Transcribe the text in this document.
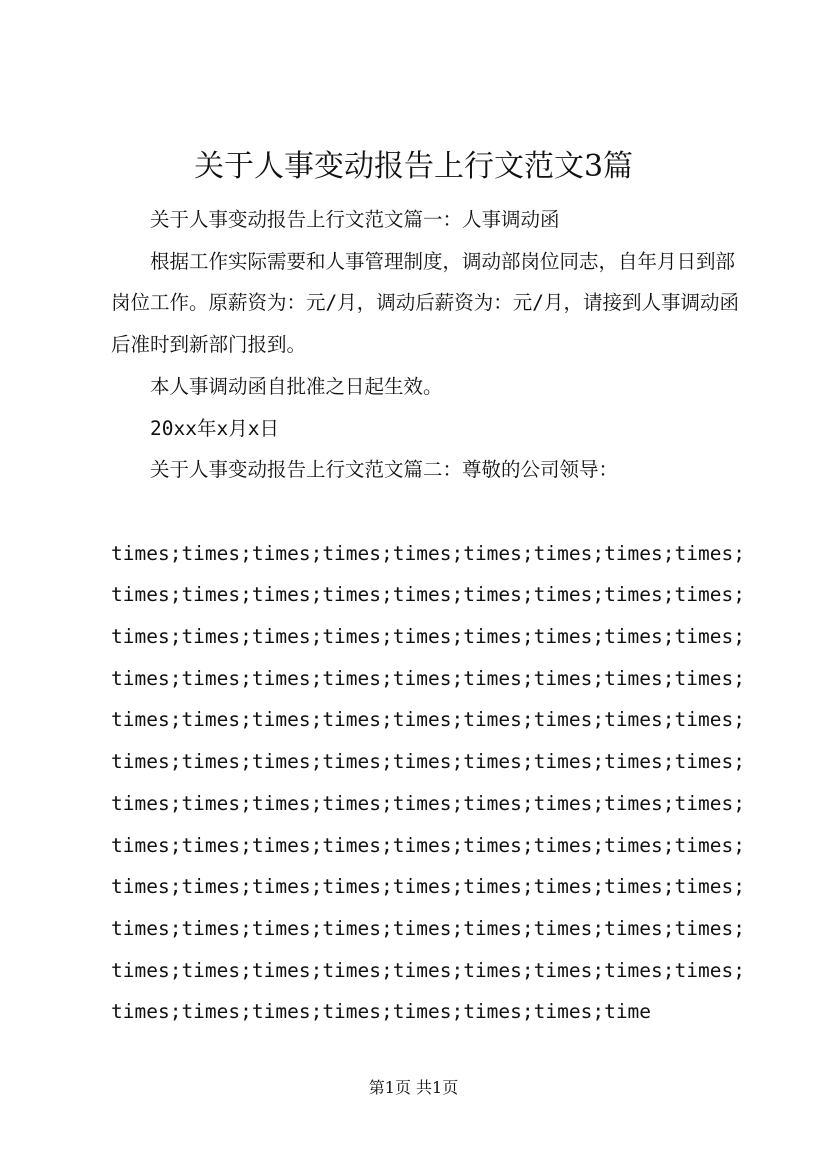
关于人事变动报告上行文范文3篇

关于人事变动报告上行文范文篇一：人事调动函

根据工作实际需要和人事管理制度，调动部岗位同志，自年月日到部岗位工作。原薪资为：元/月，调动后薪资为：元/月，请接到人事调动函后准时到新部门报到。

本人事调动函自批准之日起生效。

20xx年x月x日

关于人事变动报告上行文范文篇二：尊敬的公司领导：

times;times;times;times;times;times;times;times;times;times;times;times;times;times;times;times;times;times;times;times;times;times;times;times;times;times;times;times;times;times;times;times;times;times;times;times;times;times;times;times;times;times;times;times;times;times;times;times;times;times;times;times;times;times;times;times;times;times;times;times;times;times;times;times;times;times;times;times;times;times;times;times;times;times;times;times;times;times;times;times;times;times;times;times;times;times;times;times;times;times;times;times;times;times;times;times;times;times;times;times;times;times;times;times;times;times;time

第1页 共1页
